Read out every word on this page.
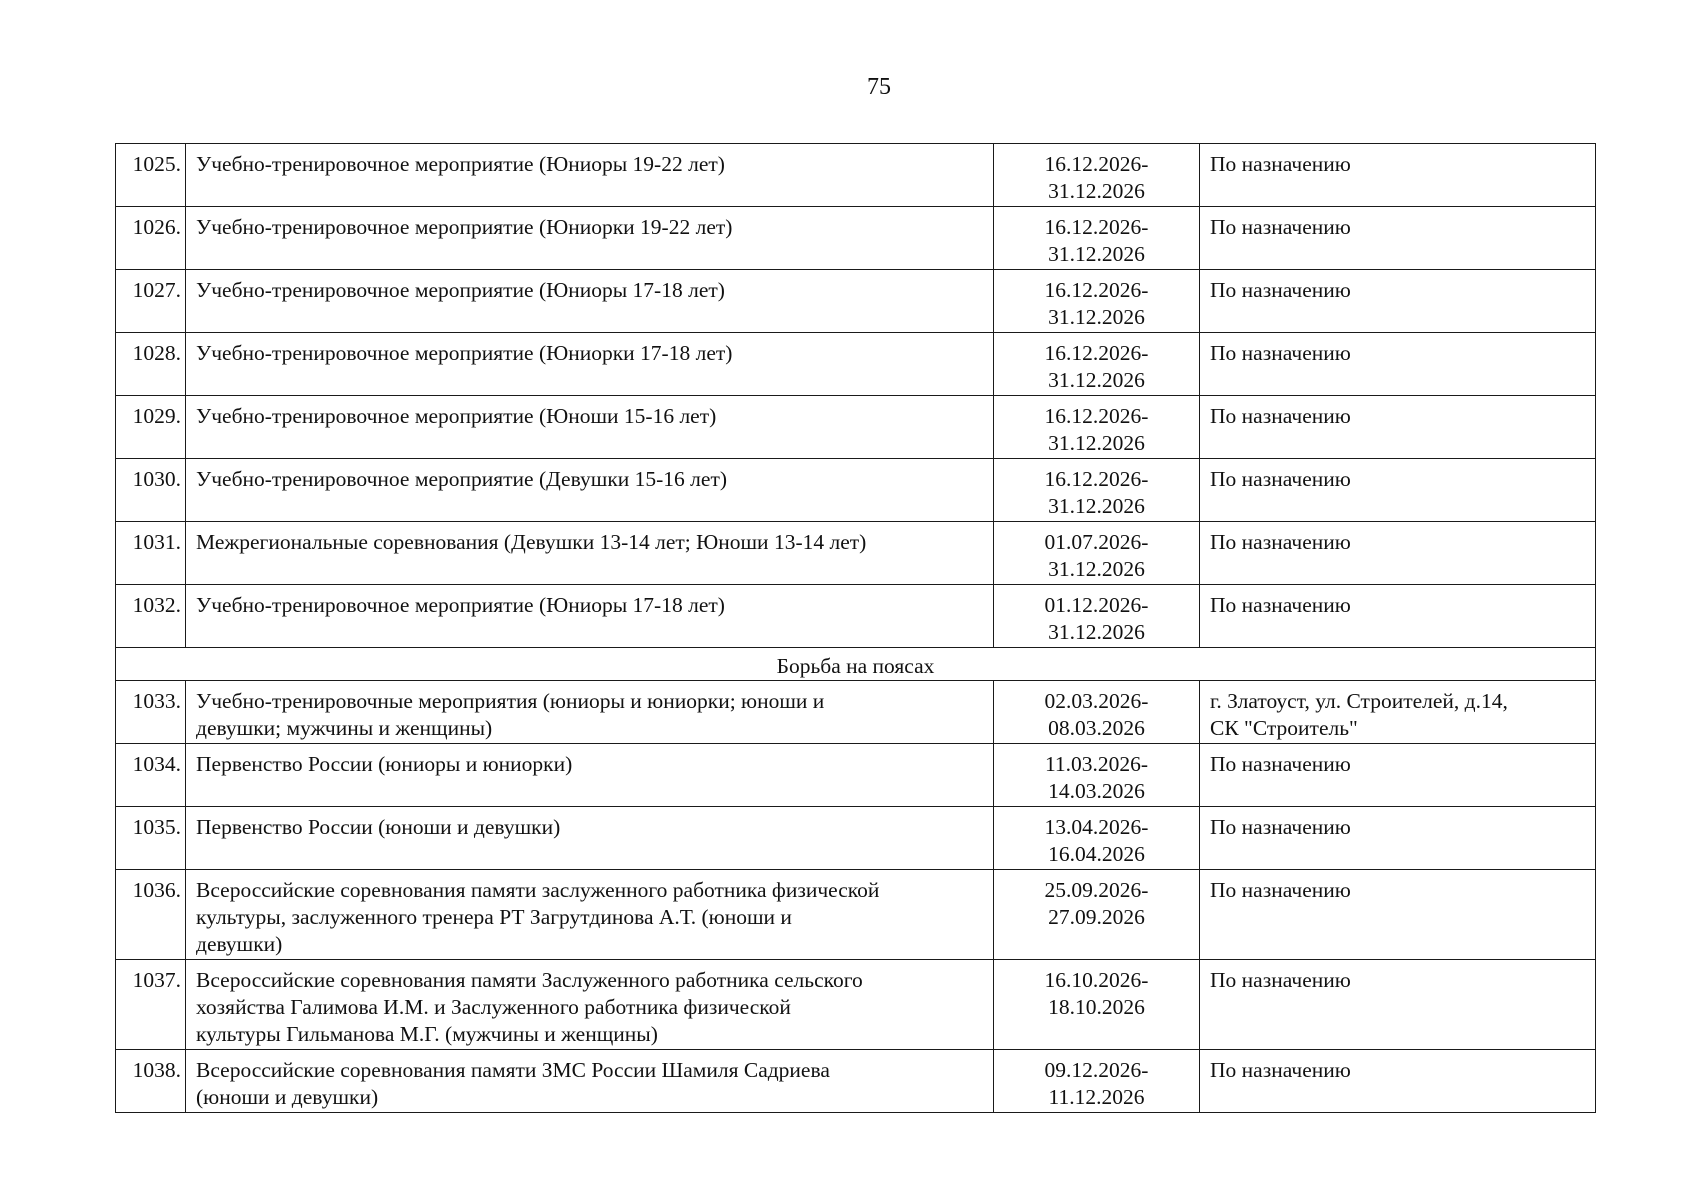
75
1025.	Учебно-тренировочное мероприятие (Юниоры 19-22 лет)	16.12.2026-
31.12.2026	По назначению
1026.	Учебно-тренировочное мероприятие (Юниорки 19-22 лет)	16.12.2026-
31.12.2026	По назначению
1027.	Учебно-тренировочное мероприятие (Юниоры 17-18 лет)	16.12.2026-
31.12.2026	По назначению
1028.	Учебно-тренировочное мероприятие (Юниорки 17-18 лет)	16.12.2026-
31.12.2026	По назначению
1029.	Учебно-тренировочное мероприятие (Юноши 15-16 лет)	16.12.2026-
31.12.2026	По назначению
1030.	Учебно-тренировочное мероприятие (Девушки 15-16 лет)	16.12.2026-
31.12.2026	По назначению
1031.	Межрегиональные соревнования (Девушки 13-14 лет; Юноши 13-14 лет)	01.07.2026-
31.12.2026	По назначению
1032.	Учебно-тренировочное мероприятие (Юниоры 17-18 лет)	01.12.2026-
31.12.2026	По назначению
Борьба на поясах			
1033.	Учебно-тренировочные мероприятия (юниоры и юниорки; юноши и
девушки; мужчины и женщины)	02.03.2026-
08.03.2026	г. Златоуст, ул. Строителей, д.14,
СК "Строитель"

1034.	Первенство России (юниоры и юниорки)	11.03.2026-
14.03.2026	По назначению

1035.	Первенство России (юноши и девушки)	13.04.2026-
16.04.2026	По назначению

1036.	Всероссийские соревнования памяти заслуженного работника физической
культуры, заслуженного тренера РТ Загрутдинова А.Т. (юноши и
девушки)	25.09.2026-
27.09.2026	По назначению

1037.	Всероссийские соревнования памяти Заслуженного работника сельского
хозяйства Галимова И.М. и Заслуженного работника физической
культуры Гильманова М.Г. (мужчины и женщины)	16.10.2026-
18.10.2026	По назначению

1038.	Всероссийские соревнования памяти ЗМС России Шамиля Садриева
(юноши и девушки)	09.12.2026-
11.12.2026	По назначению
